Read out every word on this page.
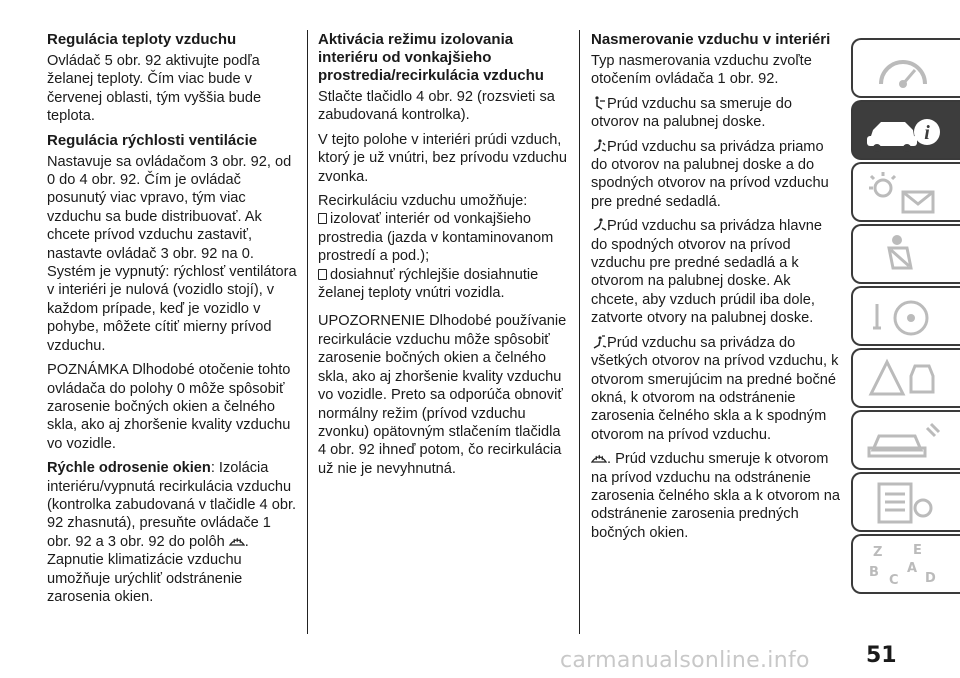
Regulácia teploty vzduchu

Ovládač 5 obr. 92 aktivujte podľa želanej teploty. Čím viac bude v červenej oblasti, tým vyššia bude teplota.

Regulácia rýchlosti ventilácie

Nastavuje sa ovládačom 3 obr. 92, od 0 do 4 obr. 92. Čím je ovládač posunutý viac vpravo, tým viac vzduchu sa bude distribuovať. Ak chcete prívod vzduchu zastaviť, nastavte ovládač 3 obr. 92 na 0. Systém je vypnutý: rýchlosť ventilátora v interiéri je nulová (vozidlo stojí), v každom prípade, keď je vozidlo v pohybe, môžete cítiť mierny prívod vzduchu.

POZNÁMKA Dlhodobé otočenie tohto ovládača do polohy 0 môže spôsobiť zarosenie bočných okien a čelného skla, ako aj zhoršenie kvality vzduchu vo vozidle.

Rýchle odrosenie okien: Izolácia interiéru/vypnutá recirkulácia vzduchu (kontrolka zabudovaná v tlačidle 4 obr. 92 zhasnutá), presuňte ovládače 1 obr. 92 a 3 obr. 92 do polôh . Zapnutie klimatizácie vzduchu umožňuje urýchliť odstránenie zarosenia okien.

Aktivácia režimu izolovania interiéru od vonkajšieho prostredia/recirkulácia vzduchu

Stlačte tlačidlo 4 obr. 92 (rozsvieti sa zabudovaná kontrolka).

V tejto polohe v interiéri prúdi vzduch, ktorý je už vnútri, bez prívodu vzduchu zvonka.

Recirkuláciu vzduchu umožňuje:

izolovať interiér od vonkajšieho prostredia (jazda v kontaminovanom prostredí a pod.);

dosiahnuť rýchlejšie dosiahnutie želanej teploty vnútri vozidla.

UPOZORNENIE Dlhodobé používanie recirkulácie vzduchu môže spôsobiť zarosenie bočných okien a čelného skla, ako aj zhoršenie kvality vzduchu vo vozidle. Preto sa odporúča obnoviť normálny režim (prívod vzduchu zvonku) opätovným stlačením tlačidla 4 obr. 92 ihneď potom, čo recirkulácia už nie je nevyhnutná.

Nasmerovanie vzduchu v interiéri

Typ nasmerovania vzduchu zvoľte otočením ovládača 1 obr. 92.

Prúd vzduchu sa smeruje do otvorov na palubnej doske.

Prúd vzduchu sa privádza priamo do otvorov na palubnej doske a do spodných otvorov na prívod vzduchu pre predné sedadlá.

Prúd vzduchu sa privádza hlavne do spodných otvorov na prívod vzduchu pre predné sedadlá a k otvorom na palubnej doske. Ak chcete, aby vzduch prúdil iba dole, zatvorte otvory na palubnej doske.

Prúd vzduchu sa privádza do všetkých otvorov na prívod vzduchu, k otvorom smerujúcim na predné bočné okná, k otvorom na odstránenie zarosenia čelného skla a k spodným otvorom na prívod vzduchu.

. Prúd vzduchu smeruje k otvorom na prívod vzduchu na odstránenie zarosenia čelného skla a k otvorom na odstránenie zarosenia predných bočných okien.

i
Z E
B
C
A
D
carmanualsonline.info	51
